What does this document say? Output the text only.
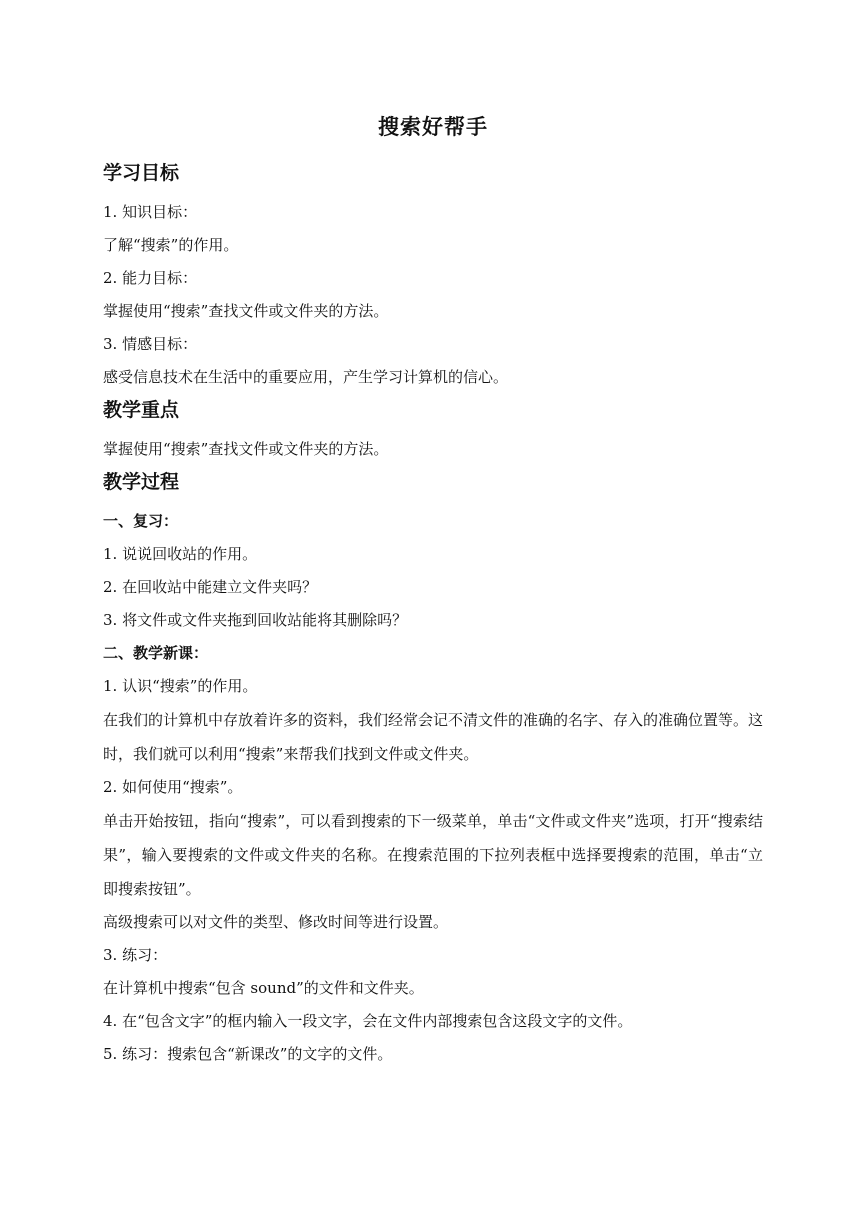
搜索好帮手
学习目标

1. 知识目标：

了解“搜索”的作用。

2. 能力目标：

掌握使用“搜索”查找文件或文件夹的方法。

3. 情感目标：

感受信息技术在生活中的重要应用，产生学习计算机的信心。

教学重点

掌握使用“搜索”查找文件或文件夹的方法。

教学过程
一、复习：

1. 说说回收站的作用。

2. 在回收站中能建立文件夹吗？

3. 将文件或文件夹拖到回收站能将其删除吗？

二、教学新课：

1. 认识“搜索”的作用。

在我们的计算机中存放着许多的资料，我们经常会记不清文件的准确的名字、存入的准确位置等。这时，我们就可以利用“搜索”来帮我们找到文件或文件夹。

2. 如何使用“搜索”。

单击开始按钮，指向“搜索”，可以看到搜索的下一级菜单，单击“文件或文件夹”选项，打开“搜索结果”，输入要搜索的文件或文件夹的名称。在搜索范围的下拉列表框中选择要搜索的范围，单击“立即搜索按钮”。

高级搜索可以对文件的类型、修改时间等进行设置。

3. 练习：

在计算机中搜索“包含 sound”的文件和文件夹。

4. 在“包含文字”的框内输入一段文字，会在文件内部搜索包含这段文字的文件。

5. 练习：搜索包含“新课改”的文字的文件。
